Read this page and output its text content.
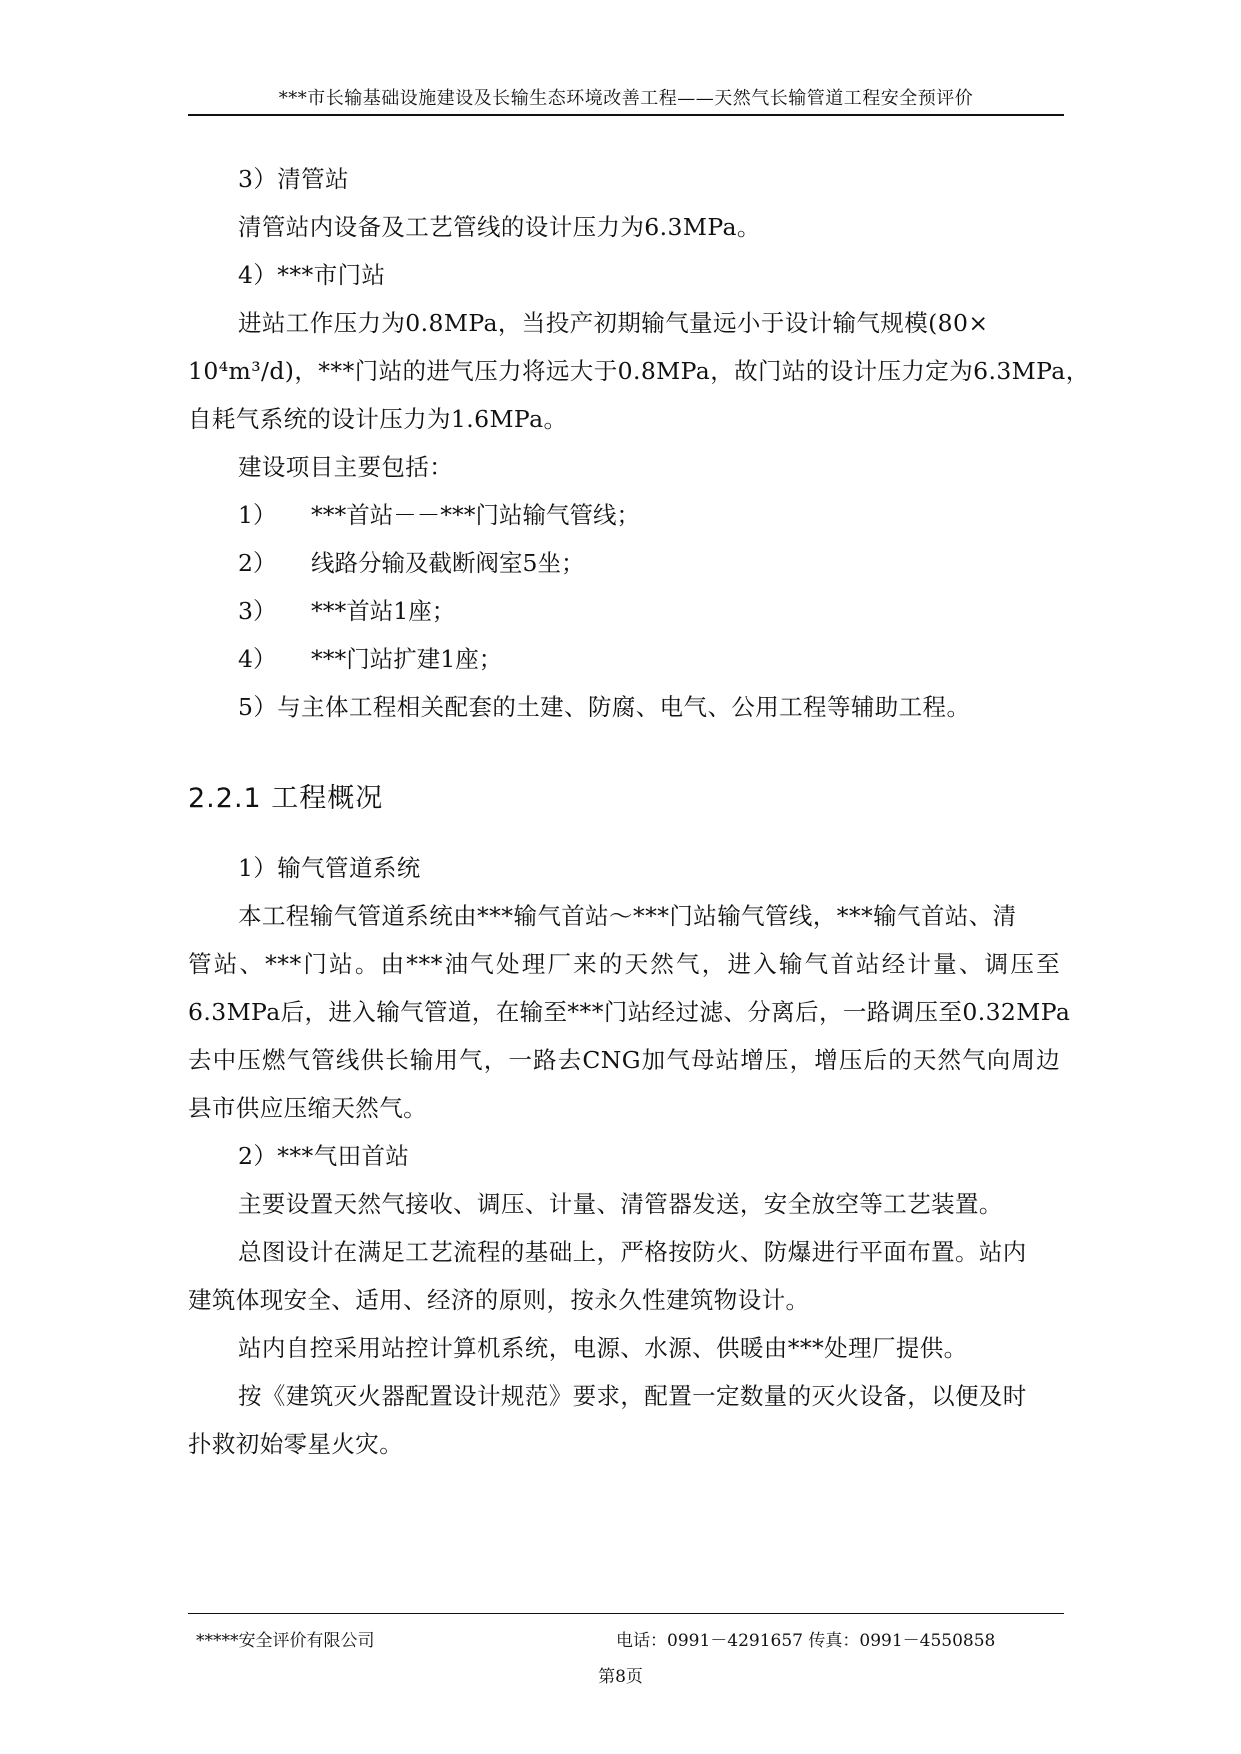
***市长输基础设施建设及长输生态环境改善工程——天然气长输管道工程安全预评价
3）清管站
清管站内设备及工艺管线的设计压力为6.3MPa。
4）***市门站
进站工作压力为0.8MPa，当投产初期输气量远小于设计输气规模(80×
10⁴m³/d)，***门站的进气压力将远大于0.8MPa，故门站的设计压力定为6.3MPa，
自耗气系统的设计压力为1.6MPa。
建设项目主要包括：
1） ***首站－－***门站输气管线；
2） 线路分输及截断阀室5坐；
3） ***首站1座；
4） ***门站扩建1座；
5）与主体工程相关配套的土建、防腐、电气、公用工程等辅助工程。
2.2.1 工程概况
1）输气管道系统
本工程输气管道系统由***输气首站～***门站输气管线，***输气首站、清
管站、***门站。由***油气处理厂来的天然气，进入输气首站经计量、调压至
6.3MPa后，进入输气管道，在输至***门站经过滤、分离后，一路调压至0.32MPa
去中压燃气管线供长输用气，一路去CNG加气母站增压，增压后的天然气向周边
县市供应压缩天然气。
2）***气田首站
主要设置天然气接收、调压、计量、清管器发送，安全放空等工艺装置。
总图设计在满足工艺流程的基础上，严格按防火、防爆进行平面布置。站内
建筑体现安全、适用、经济的原则，按永久性建筑物设计。
站内自控采用站控计算机系统，电源、水源、供暖由***处理厂提供。
按《建筑灭火器配置设计规范》要求，配置一定数量的灭火设备，以便及时
扑救初始零星火灾。
*****安全评价有限公司	电话：0991－4291657 传真：0991－4550858
第8页
